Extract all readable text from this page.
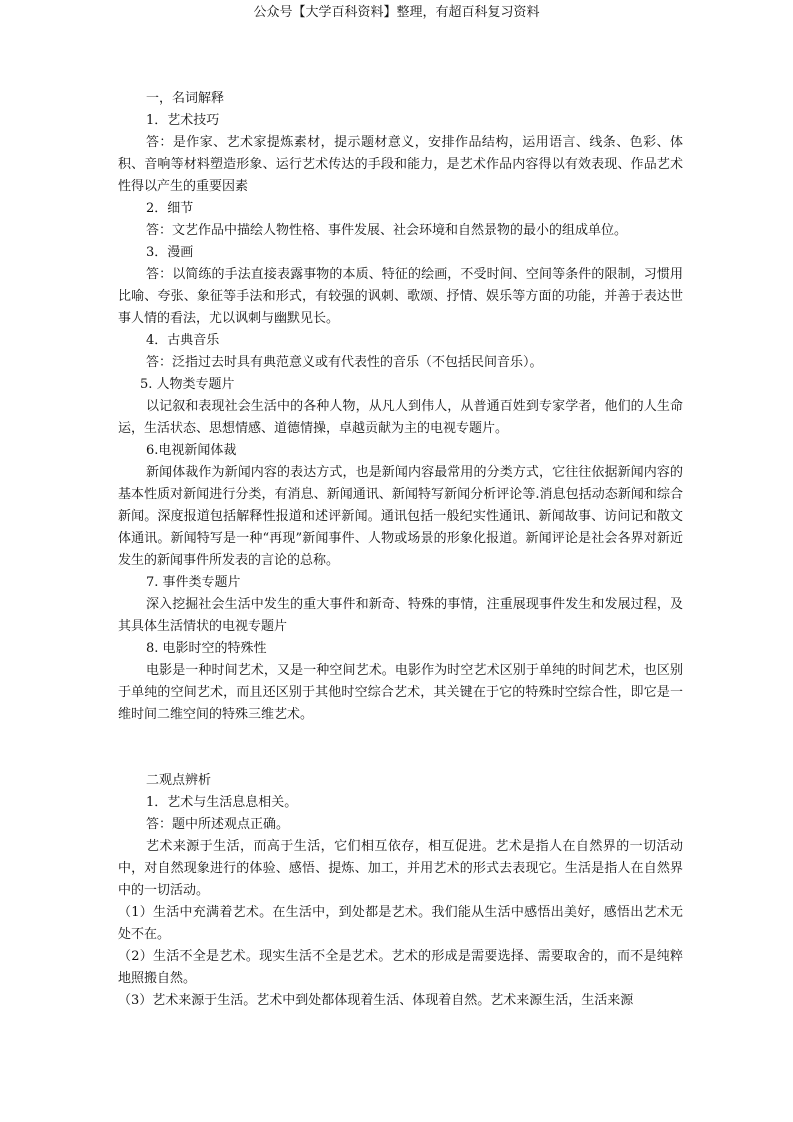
公众号【大学百科资料】整理，有超百科复习资料

一，名词解释

1．艺术技巧

答：是作家、艺术家提炼素材，提示题材意义，安排作品结构，运用语言、线条、色彩、体积、音响等材料塑造形象、运行艺术传达的手段和能力，是艺术作品内容得以有效表现、作品艺术性得以产生的重要因素

2．细节

答：文艺作品中描绘人物性格、事件发展、社会环境和自然景物的最小的组成单位。

3．漫画

答：以简练的手法直接表露事物的本质、特征的绘画，不受时间、空间等条件的限制，习惯用比喻、夸张、象征等手法和形式，有较强的讽刺、歌颂、抒情、娱乐等方面的功能，并善于表达世事人情的看法，尤以讽刺与幽默见长。

4．古典音乐

答：泛指过去时具有典范意义或有代表性的音乐（不包括民间音乐）。

5. 人物类专题片

以记叙和表现社会生活中的各种人物，从凡人到伟人，从普通百姓到专家学者，他们的人生命运，生活状态、思想情感、道德情操，卓越贡献为主的电视专题片。

6.电视新闻体裁

新闻体裁作为新闻内容的表达方式，也是新闻内容最常用的分类方式，它往往依据新闻内容的基本性质对新闻进行分类，有消息、新闻通讯、新闻特写新闻分析评论等.消息包括动态新闻和综合新闻。深度报道包括解释性报道和述评新闻。通讯包括一般纪实性通讯、新闻故事、访问记和散文体通讯。新闻特写是一种“再现”新闻事件、人物或场景的形象化报道。新闻评论是社会各界对新近发生的新闻事件所发表的言论的总称。

7. 事件类专题片

深入挖掘社会生活中发生的重大事件和新奇、特殊的事情，注重展现事件发生和发展过程，及其具体生活情状的电视专题片

8. 电影时空的特殊性

电影是一种时间艺术，又是一种空间艺术。电影作为时空艺术区别于单纯的时间艺术，也区别于单纯的空间艺术，而且还区别于其他时空综合艺术，其关键在于它的特殊时空综合性，即它是一维时间二维空间的特殊三维艺术。

二观点辨析

1．艺术与生活息息相关。

答：题中所述观点正确。

艺术来源于生活，而高于生活，它们相互依存，相互促进。艺术是指人在自然界的一切活动中，对自然现象进行的体验、感悟、提炼、加工，并用艺术的形式去表现它。生活是指人在自然界中的一切活动。

（1）生活中充满着艺术。在生活中，到处都是艺术。我们能从生活中感悟出美好，感悟出艺术无处不在。

（2）生活不全是艺术。现实生活不全是艺术。艺术的形成是需要选择、需要取舍的，而不是纯粹地照搬自然。

（3）艺术来源于生活。艺术中到处都体现着生活、体现着自然。艺术来源生活，生活来源
